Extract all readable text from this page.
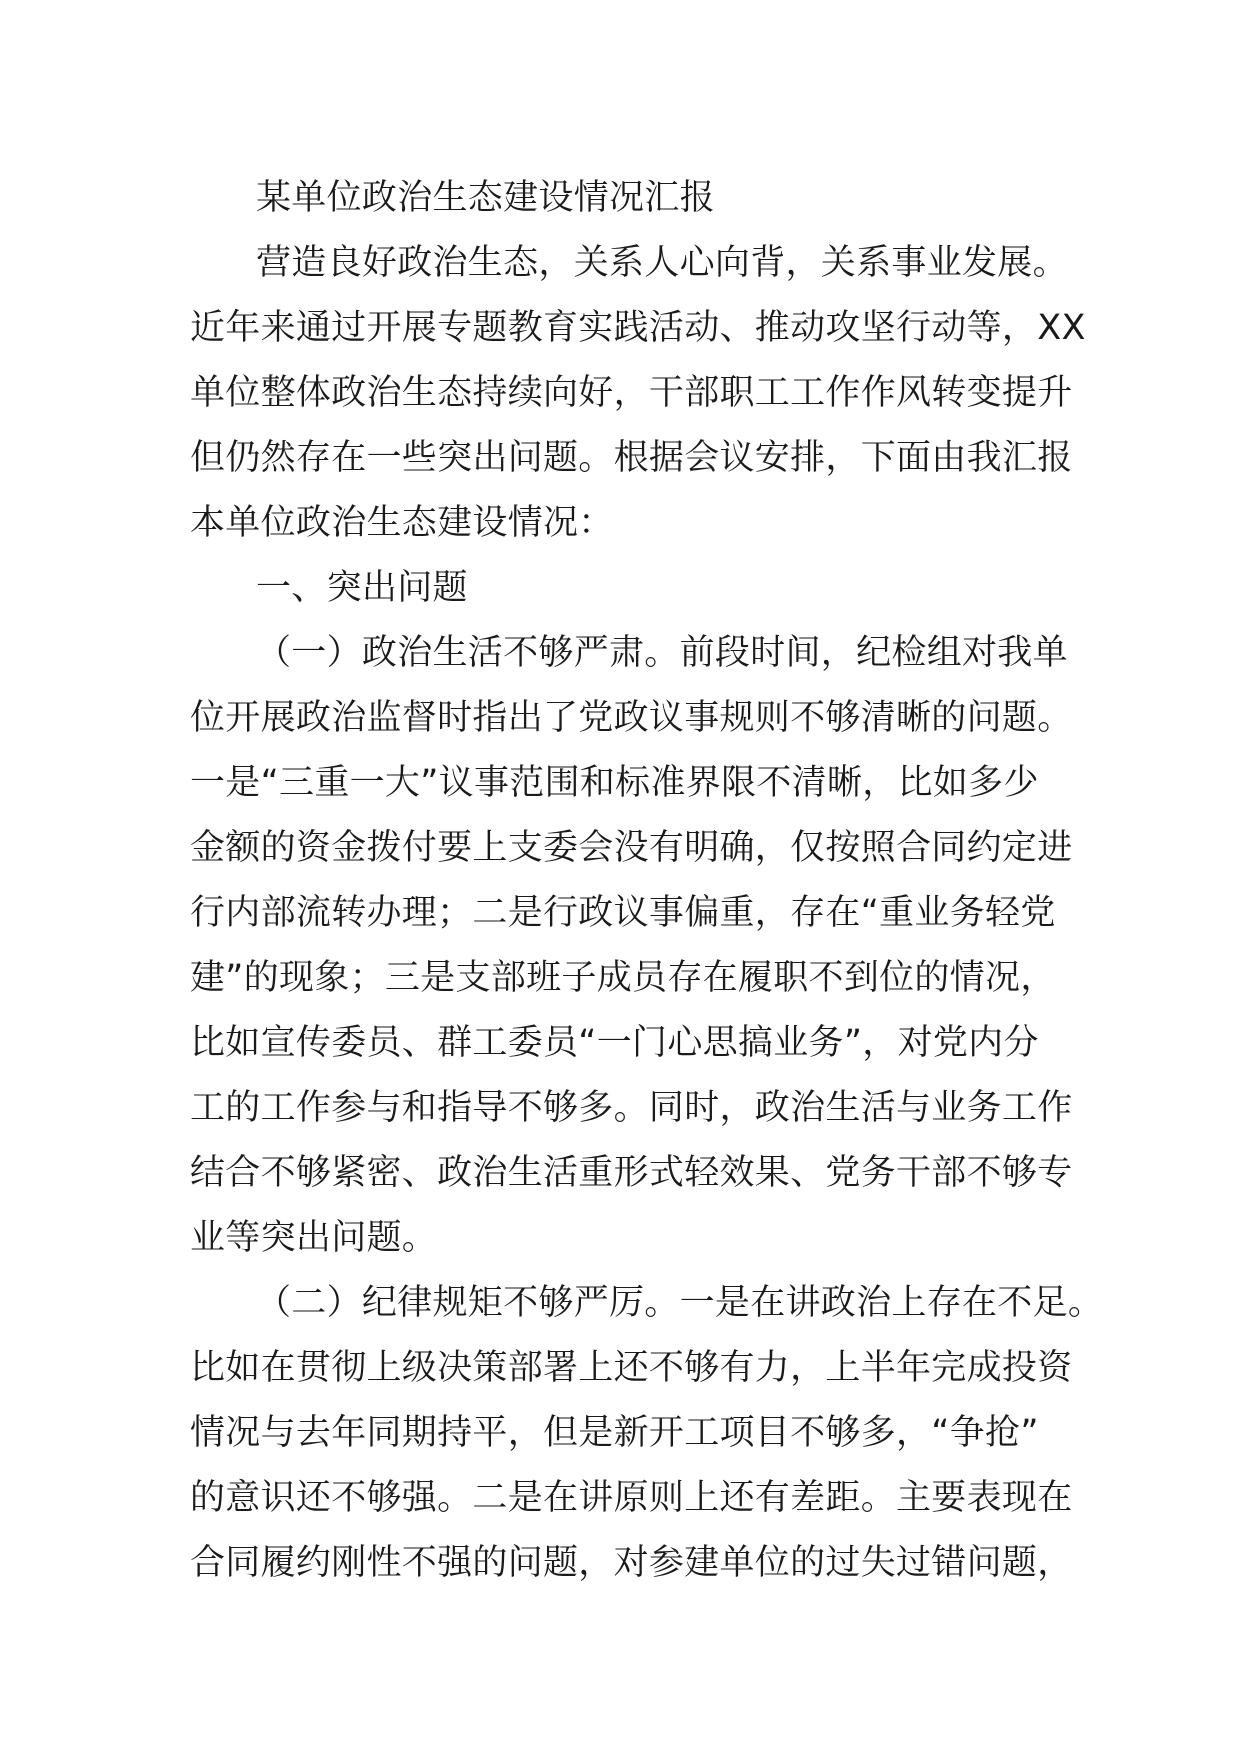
某单位政治生态建设情况汇报
营造良好政治生态，关系人心向背，关系事业发展。
近年来通过开展专题教育实践活动、推动攻坚行动等，XX
单位整体政治生态持续向好，干部职工工作作风转变提升
但仍然存在一些突出问题。根据会议安排，下面由我汇报
本单位政治生态建设情况：
一、突出问题
（一）政治生活不够严肃。前段时间，纪检组对我单
位开展政治监督时指出了党政议事规则不够清晰的问题。
一是“三重一大”议事范围和标准界限不清晰，比如多少
金额的资金拨付要上支委会没有明确，仅按照合同约定进
行内部流转办理；二是行政议事偏重，存在“重业务轻党
建”的现象；三是支部班子成员存在履职不到位的情况，
比如宣传委员、群工委员“一门心思搞业务”，对党内分
工的工作参与和指导不够多。同时，政治生活与业务工作
结合不够紧密、政治生活重形式轻效果、党务干部不够专
业等突出问题。
（二）纪律规矩不够严厉。一是在讲政治上存在不足。
比如在贯彻上级决策部署上还不够有力，上半年完成投资
情况与去年同期持平，但是新开工项目不够多，“争抢”
的意识还不够强。二是在讲原则上还有差距。主要表现在
合同履约刚性不强的问题，对参建单位的过失过错问题，
